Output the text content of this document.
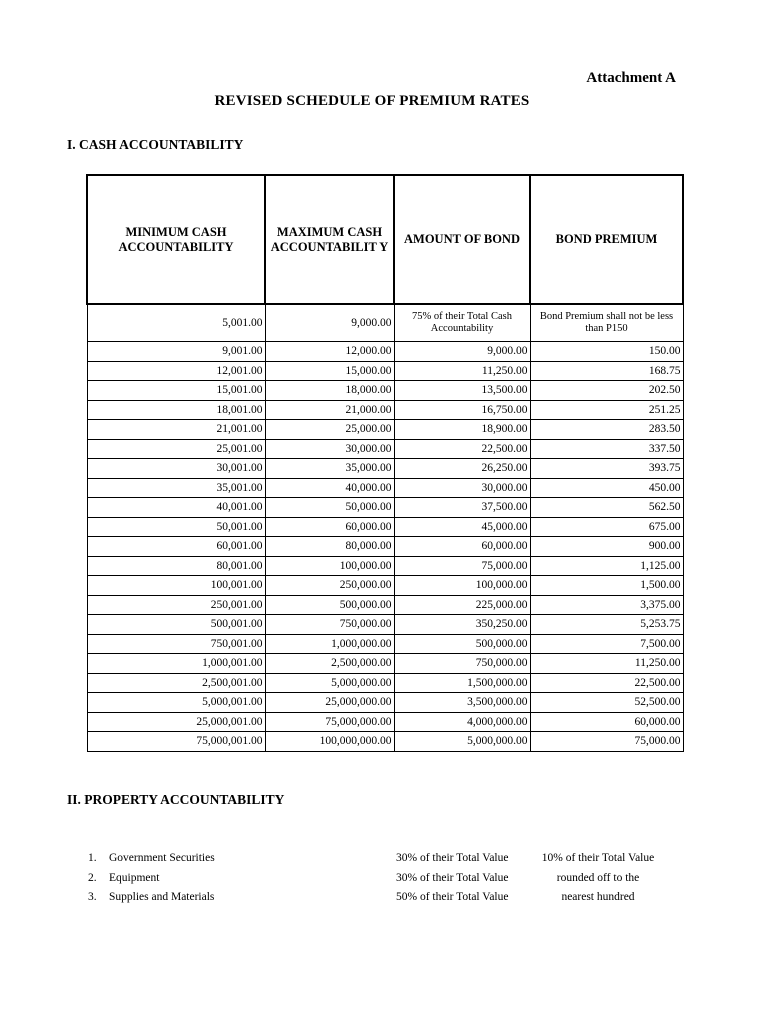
Attachment A
REVISED SCHEDULE OF PREMIUM RATES
I. CASH ACCOUNTABILITY
MINIMUM CASH ACCOUNTABILITY	MAXIMUM CASH ACCOUNTABILIT Y	AMOUNT OF BOND	BOND PREMIUM
5,001.00	9,000.00	75% of their Total Cash Accountability	Bond Premium shall not be less than P150
9,001.00	12,000.00	9,000.00	150.00
12,001.00	15,000.00	11,250.00	168.75
15,001.00	18,000.00	13,500.00	202.50
18,001.00	21,000.00	16,750.00	251.25
21,001.00	25,000.00	18,900.00	283.50
25,001.00	30,000.00	22,500.00	337.50
30,001.00	35,000.00	26,250.00	393.75
35,001.00	40,000.00	30,000.00	450.00
40,001.00	50,000.00	37,500.00	562.50
50,001.00	60,000.00	45,000.00	675.00
60,001.00	80,000.00	60,000.00	900.00
80,001.00	100,000.00	75,000.00	1,125.00
100,001.00	250,000.00	100,000.00	1,500.00
250,001.00	500,000.00	225,000.00	3,375.00
500,001.00	750,000.00	350,250.00	5,253.75
750,001.00	1,000,000.00	500,000.00	7,500.00
1,000,001.00	2,500,000.00	750,000.00	11,250.00
2,500,001.00	5,000,000.00	1,500,000.00	22,500.00
5,000,001.00	25,000,000.00	3,500,000.00	52,500.00
25,000,001.00	75,000,000.00	4,000,000.00	60,000.00
75,000,001.00	100,000,000.00	5,000,000.00	75,000.00
II. PROPERTY ACCOUNTABILITY
1. Government Securities	30% of their Total Value	10% of their Total Value
2. Equipment	30% of their Total Value	rounded off to the
3. Supplies and Materials	50% of their Total Value	nearest hundred
